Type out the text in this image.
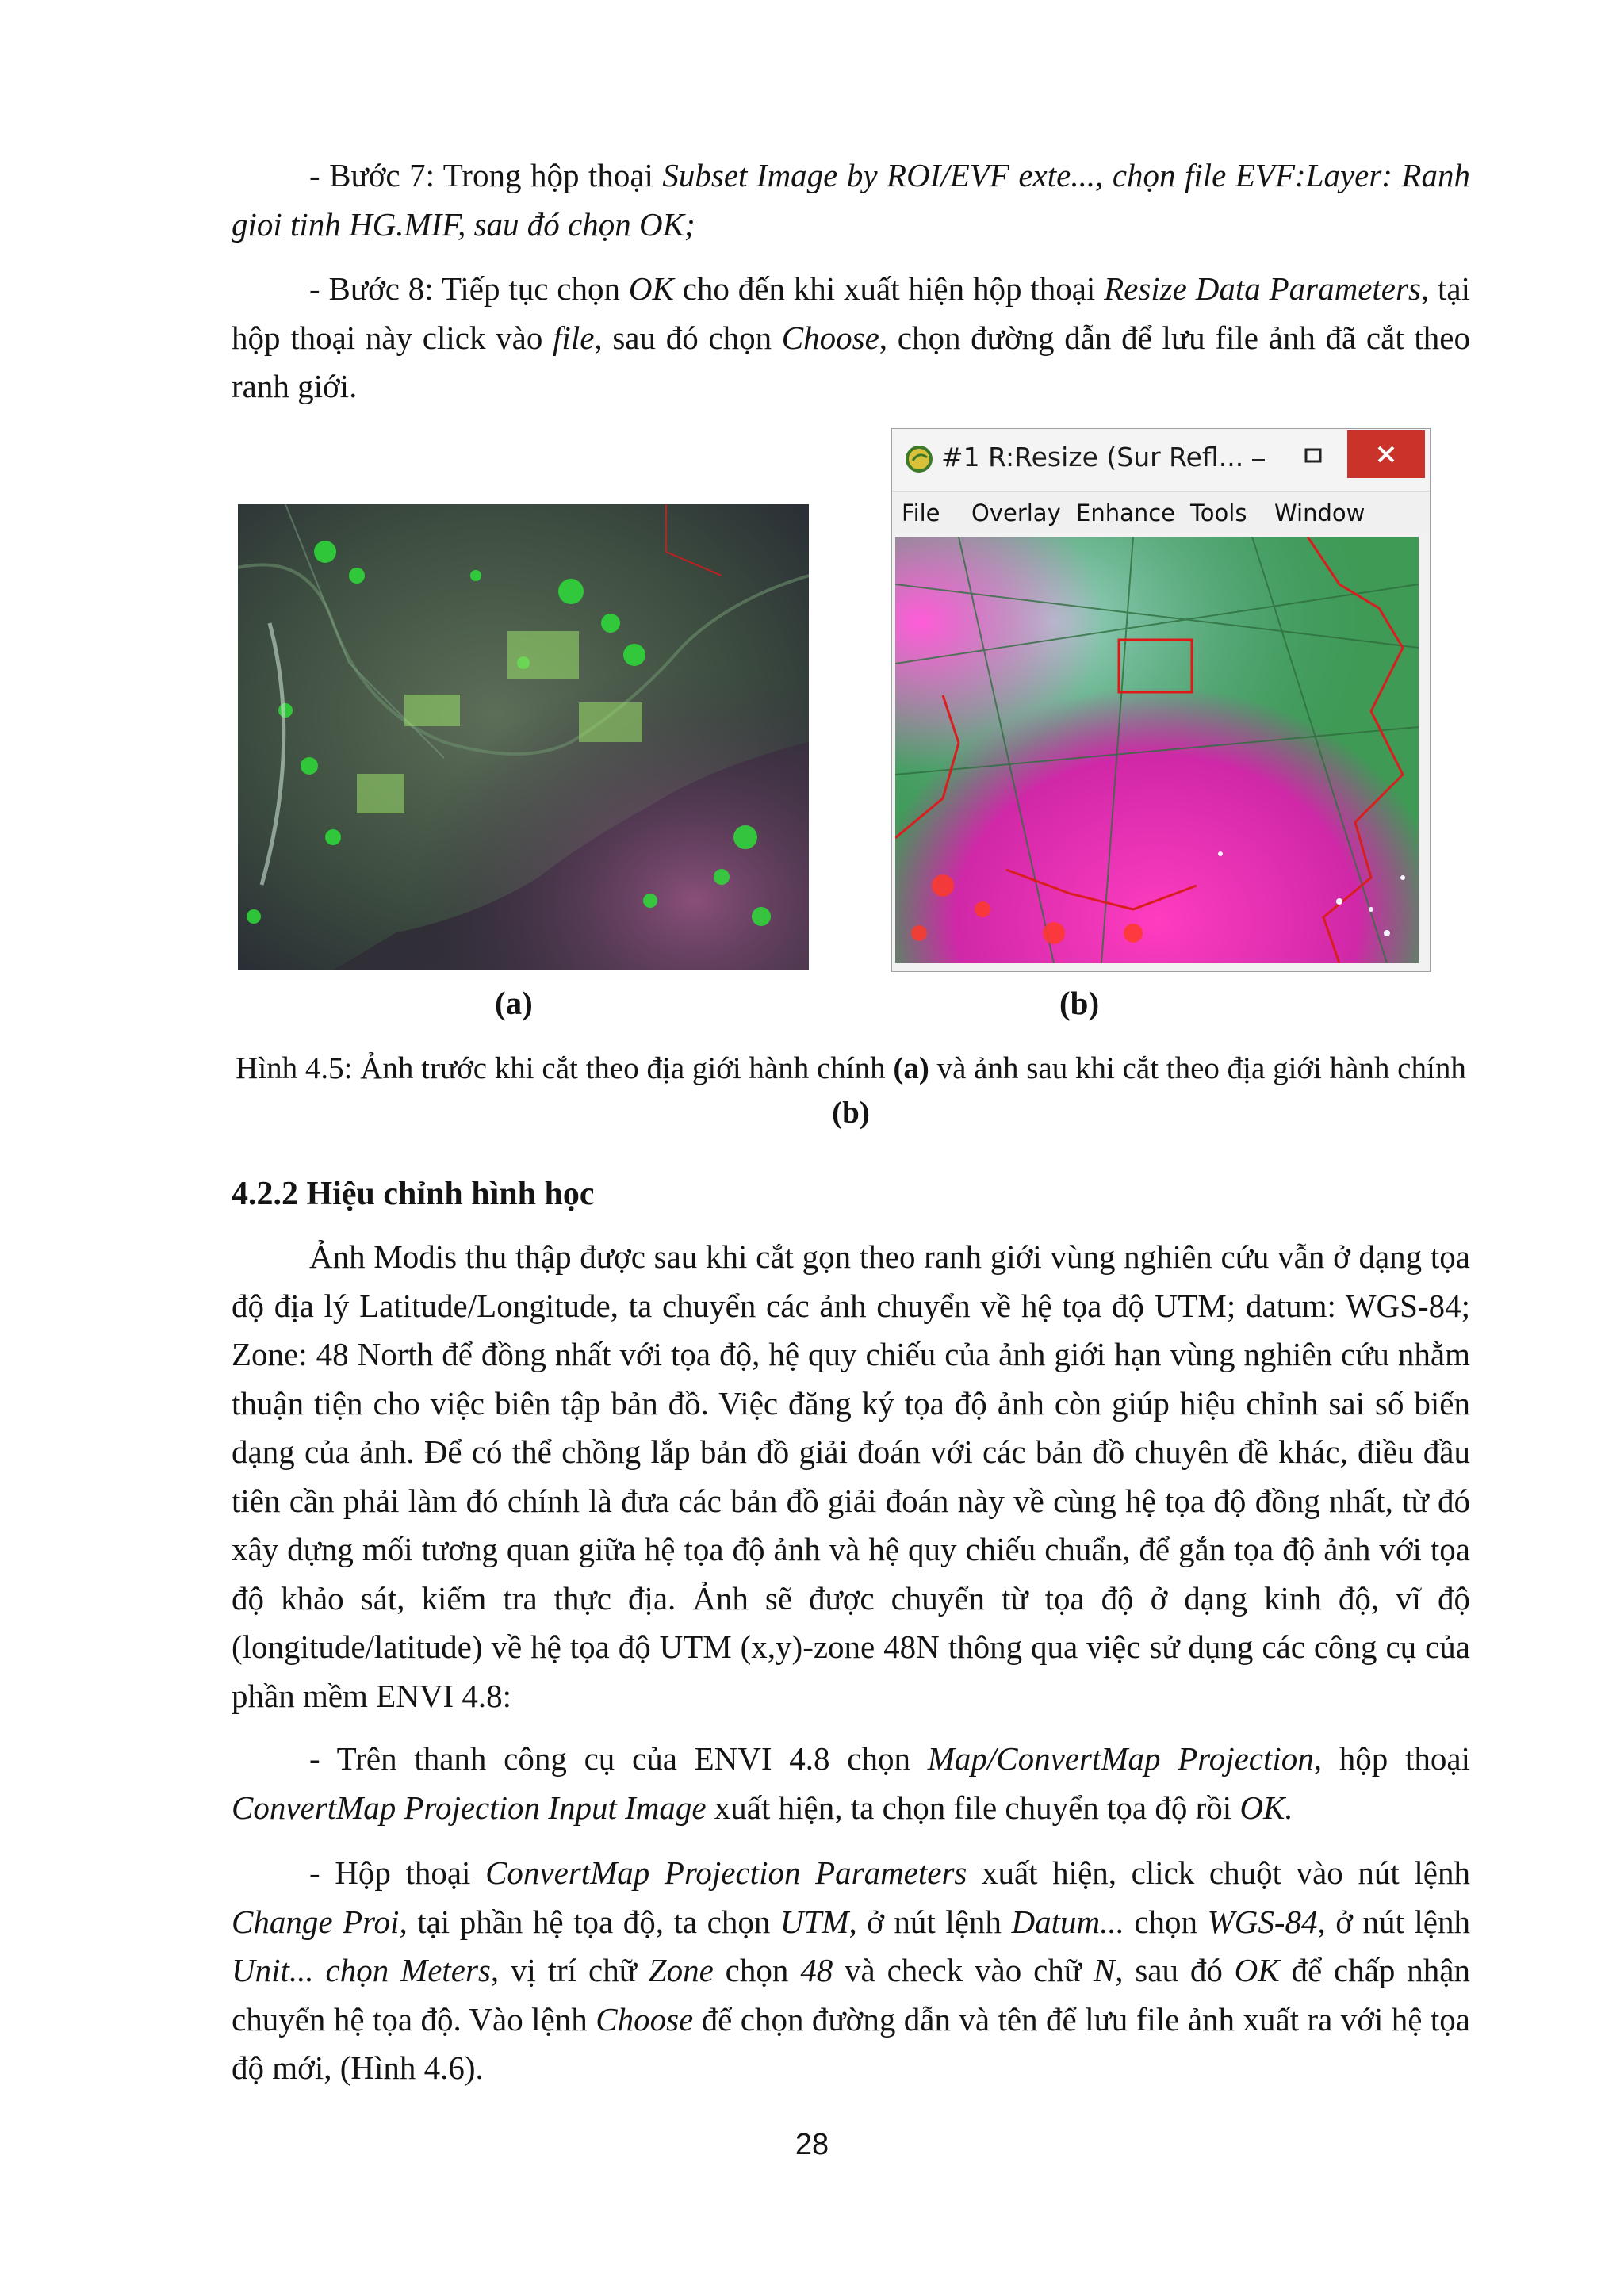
- Bước 7: Trong hộp thoại Subset Image by ROI/EVF exte..., chọn file EVF:Layer: Ranh gioi tinh HG.MIF, sau đó chọn OK;

- Bước 8: Tiếp tục chọn OK cho đến khi xuất hiện hộp thoại Resize Data Parameters, tại hộp thoại này click vào file, sau đó chọn Choose, chọn đường dẫn để lưu file ảnh đã cắt theo ranh giới.

#1 R:Resize (Sur Refl...
File Overlay Enhance Tools Window
(a)	(b)
Hình 4.5: Ảnh trước khi cắt theo địa giới hành chính (a) và ảnh sau khi cắt theo địa giới hành chính (b)
4.2.2 Hiệu chỉnh hình học

Ảnh Modis thu thập được sau khi cắt gọn theo ranh giới vùng nghiên cứu vẫn ở dạng tọa độ địa lý Latitude/Longitude, ta chuyển các ảnh chuyển về hệ tọa độ UTM; datum: WGS-84; Zone: 48 North để đồng nhất với tọa độ, hệ quy chiếu của ảnh giới hạn vùng nghiên cứu nhằm thuận tiện cho việc biên tập bản đồ. Việc đăng ký tọa độ ảnh còn giúp hiệu chỉnh sai số biến dạng của ảnh. Để có thể chồng lắp bản đồ giải đoán với các bản đồ chuyên đề khác, điều đầu tiên cần phải làm đó chính là đưa các bản đồ giải đoán này về cùng hệ tọa độ đồng nhất, từ đó xây dựng mối tương quan giữa hệ tọa độ ảnh và hệ quy chiếu chuẩn, để gắn tọa độ ảnh với tọa độ khảo sát, kiểm tra thực địa. Ảnh sẽ được chuyển từ tọa độ ở dạng kinh độ, vĩ độ (longitude/latitude) về hệ tọa độ UTM (x,y)-zone 48N thông qua việc sử dụng các công cụ của phần mềm ENVI 4.8:

- Trên thanh công cụ của ENVI 4.8 chọn Map/ConvertMap Projection, hộp thoại ConvertMap Projection Input Image xuất hiện, ta chọn file chuyển tọa độ rồi OK.

- Hộp thoại ConvertMap Projection Parameters xuất hiện, click chuột vào nút lệnh Change Proi, tại phần hệ tọa độ, ta chọn UTM, ở nút lệnh Datum... chọn WGS-84, ở nút lệnh Unit... chọn Meters, vị trí chữ Zone chọn 48 và check vào chữ N, sau đó OK để chấp nhận chuyển hệ tọa độ. Vào lệnh Choose để chọn đường dẫn và tên để lưu file ảnh xuất ra với hệ tọa độ mới, (Hình 4.6).

28
